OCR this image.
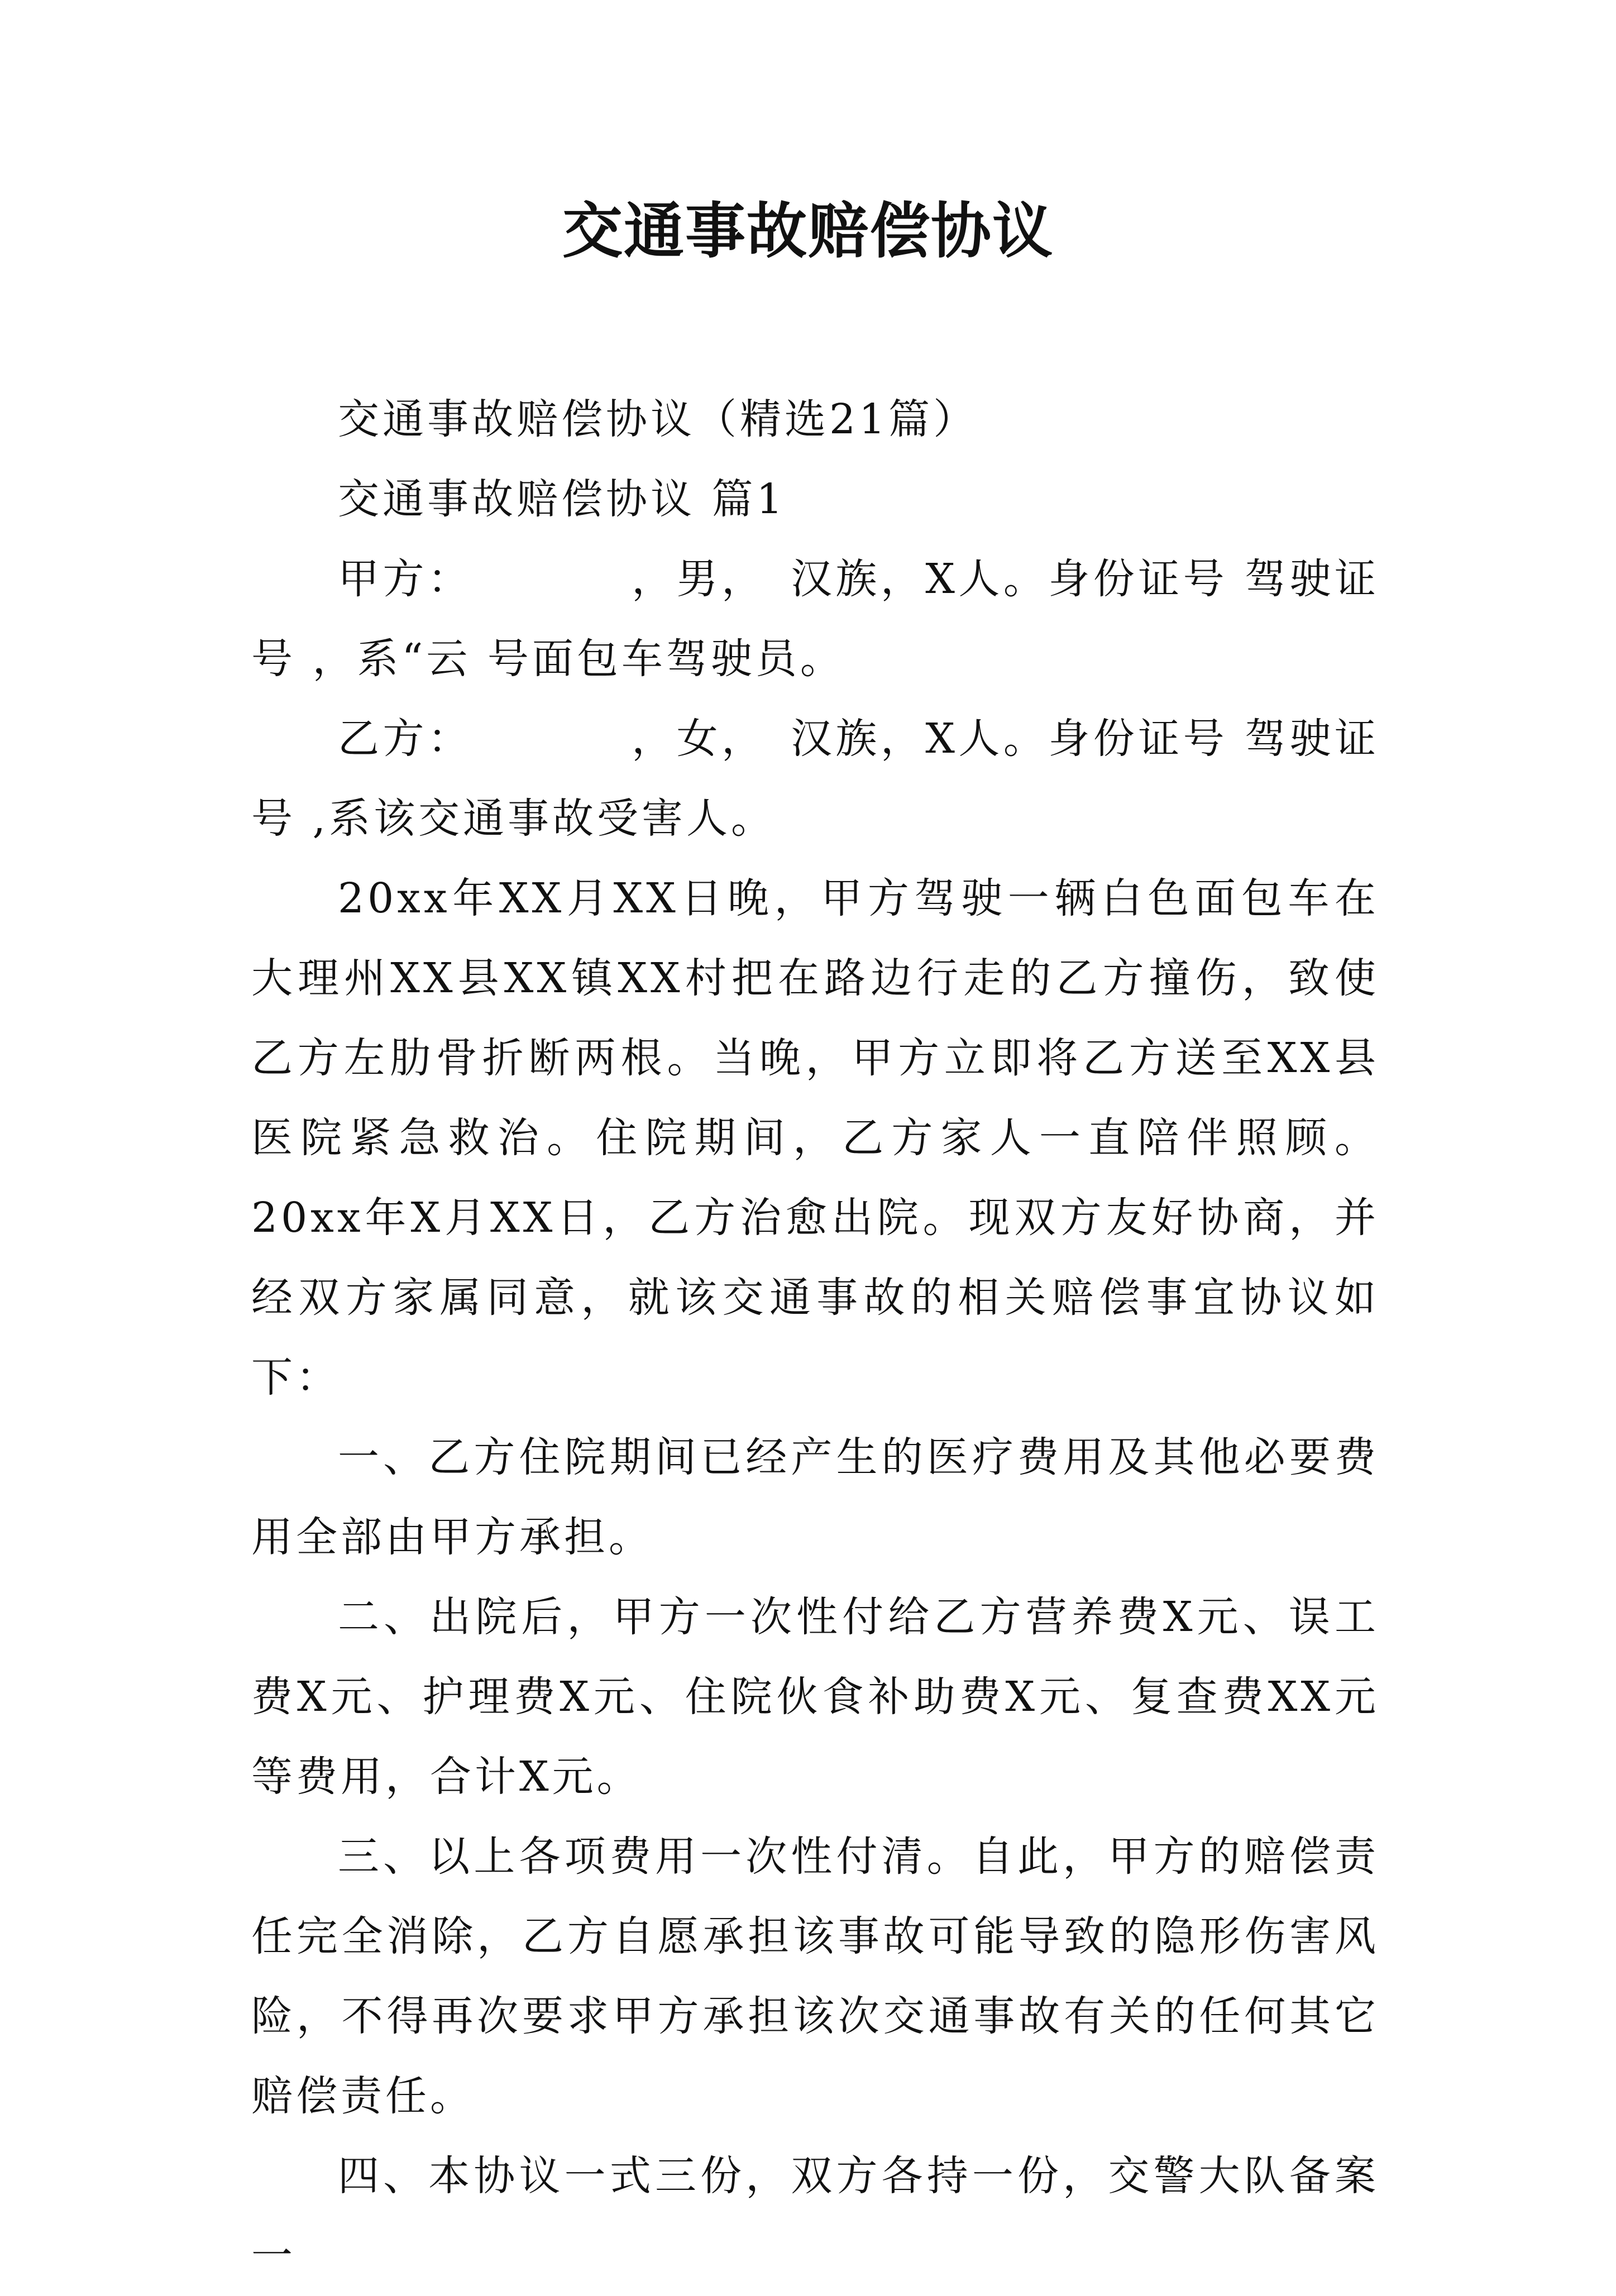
交通事故赔偿协议

交通事故赔偿协议（精选21篇）

交通事故赔偿协议 篇1

甲方：　　　　，男，　汉族，X人。身份证号 驾驶证号 ，系“云 号面包车驾驶员。

乙方：　　　　，女，　汉族，X人。身份证号 驾驶证号 ,系该交通事故受害人。

20xx年XX月XX日晚，甲方驾驶一辆白色面包车在大理州XX县XX镇XX村把在路边行走的乙方撞伤，致使乙方左肋骨折断两根。当晚，甲方立即将乙方送至XX县医院紧急救治。住院期间，乙方家人一直陪伴照顾。20xx年X月XX日，乙方治愈出院。现双方友好协商，并经双方家属同意，就该交通事故的相关赔偿事宜协议如下：

一、乙方住院期间已经产生的医疗费用及其他必要费用全部由甲方承担。

二、出院后，甲方一次性付给乙方营养费X元、误工费X元、护理费X元、住院伙食补助费X元、复查费XX元等费用，合计X元。

三、以上各项费用一次性付清。自此，甲方的赔偿责任完全消除，乙方自愿承担该事故可能导致的隐形伤害风险，不得再次要求甲方承担该次交通事故有关的任何其它赔偿责任。

四、本协议一式三份，双方各持一份，交警大队备案一
